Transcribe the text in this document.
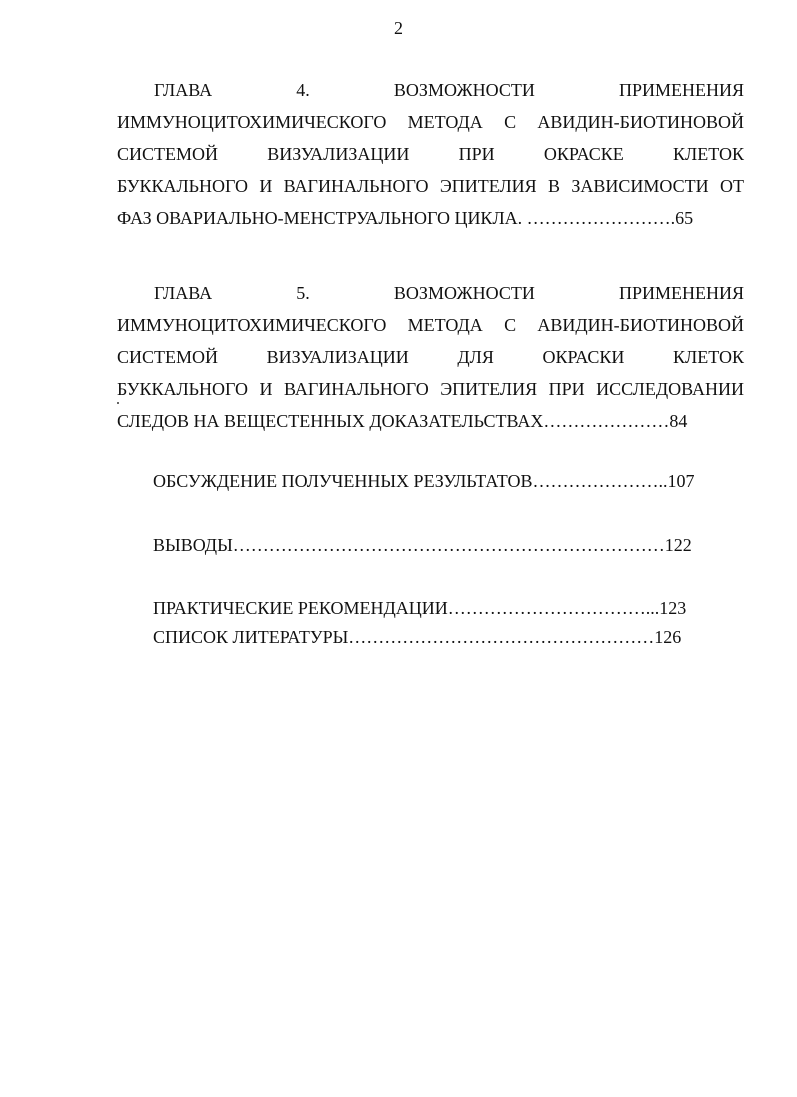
2
ГЛАВА 4. ВОЗМОЖНОСТИ ПРИМЕНЕНИЯ
ИММУНОЦИТОХИМИЧЕСКОГО МЕТОДА С АВИДИН-БИОТИНОВОЙ
СИСТЕМОЙ ВИЗУАЛИЗАЦИИ ПРИ ОКРАСКЕ КЛЕТОК
БУККАЛЬНОГО И ВАГИНАЛЬНОГО ЭПИТЕЛИЯ В ЗАВИСИМОСТИ ОТ
ФАЗ ОВАРИАЛЬНО-МЕНСТРУАЛЬНОГО ЦИКЛА. …………………….65
ГЛАВА 5. ВОЗМОЖНОСТИ ПРИМЕНЕНИЯ
ИММУНОЦИТОХИМИЧЕСКОГО МЕТОДА С АВИДИН-БИОТИНОВОЙ
СИСТЕМОЙ ВИЗУАЛИЗАЦИИ ДЛЯ ОКРАСКИ КЛЕТОК
БУККАЛЬНОГО И ВАГИНАЛЬНОГО ЭПИТЕЛИЯ ПРИ ИССЛЕДОВАНИИ
СЛЕДОВ НА ВЕЩЕСТЕННЫХ ДОКАЗАТЕЛЬСТВАХ…………………84
ОБСУЖДЕНИЕ ПОЛУЧЕННЫХ РЕЗУЛЬТАТОВ…………………..107
ВЫВОДЫ………………………………………………………………122
ПРАКТИЧЕСКИЕ РЕКОМЕНДАЦИИ……………………………...123
СПИСОК ЛИТЕРАТУРЫ……………………………………………126
